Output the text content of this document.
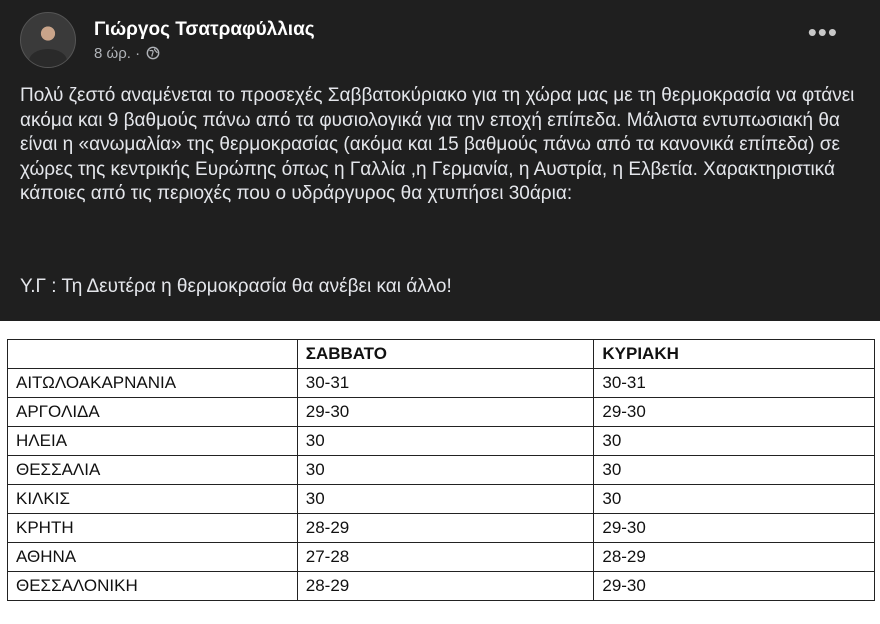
Γιώργος Τσατραφύλλιας
8 ώρ. ·
•••

Πολύ ζεστό αναμένεται το προσεχές Σαββατοκύριακο για τη χώρα μας με τη θερμοκρασία να φτάνει ακόμα και 9 βαθμούς πάνω από τα φυσιολογικά για την εποχή επίπεδα. Μάλιστα εντυπωσιακή θα είναι η «ανωμαλία» της θερμοκρασίας (ακόμα και 15 βαθμούς πάνω από τα κανονικά επίπεδα) σε χώρες της κεντρικής Ευρώπης όπως η Γαλλία ,η Γερμανία, η Αυστρία, η Ελβετία. Χαρακτηριστικά κάποιες από τις περιοχές που ο υδράργυρος θα χτυπήσει 30άρια:

Υ.Γ : Τη Δευτέρα η θερμοκρασία θα ανέβει και άλλο!
	ΣΑΒΒΑΤΟ	ΚΥΡΙΑΚΗ
ΑΙΤΩΛΟΑΚΑΡΝΑΝΙΑ	30-31	30-31
ΑΡΓΟΛΙΔΑ	29-30	29-30
ΗΛΕΙΑ	30	30
ΘΕΣΣΑΛΙΑ	30	30
ΚΙΛΚΙΣ	30	30
ΚΡΗΤΗ	28-29	29-30
ΑΘΗΝΑ	27-28	28-29
ΘΕΣΣΑΛΟΝΙΚΗ	28-29	29-30
